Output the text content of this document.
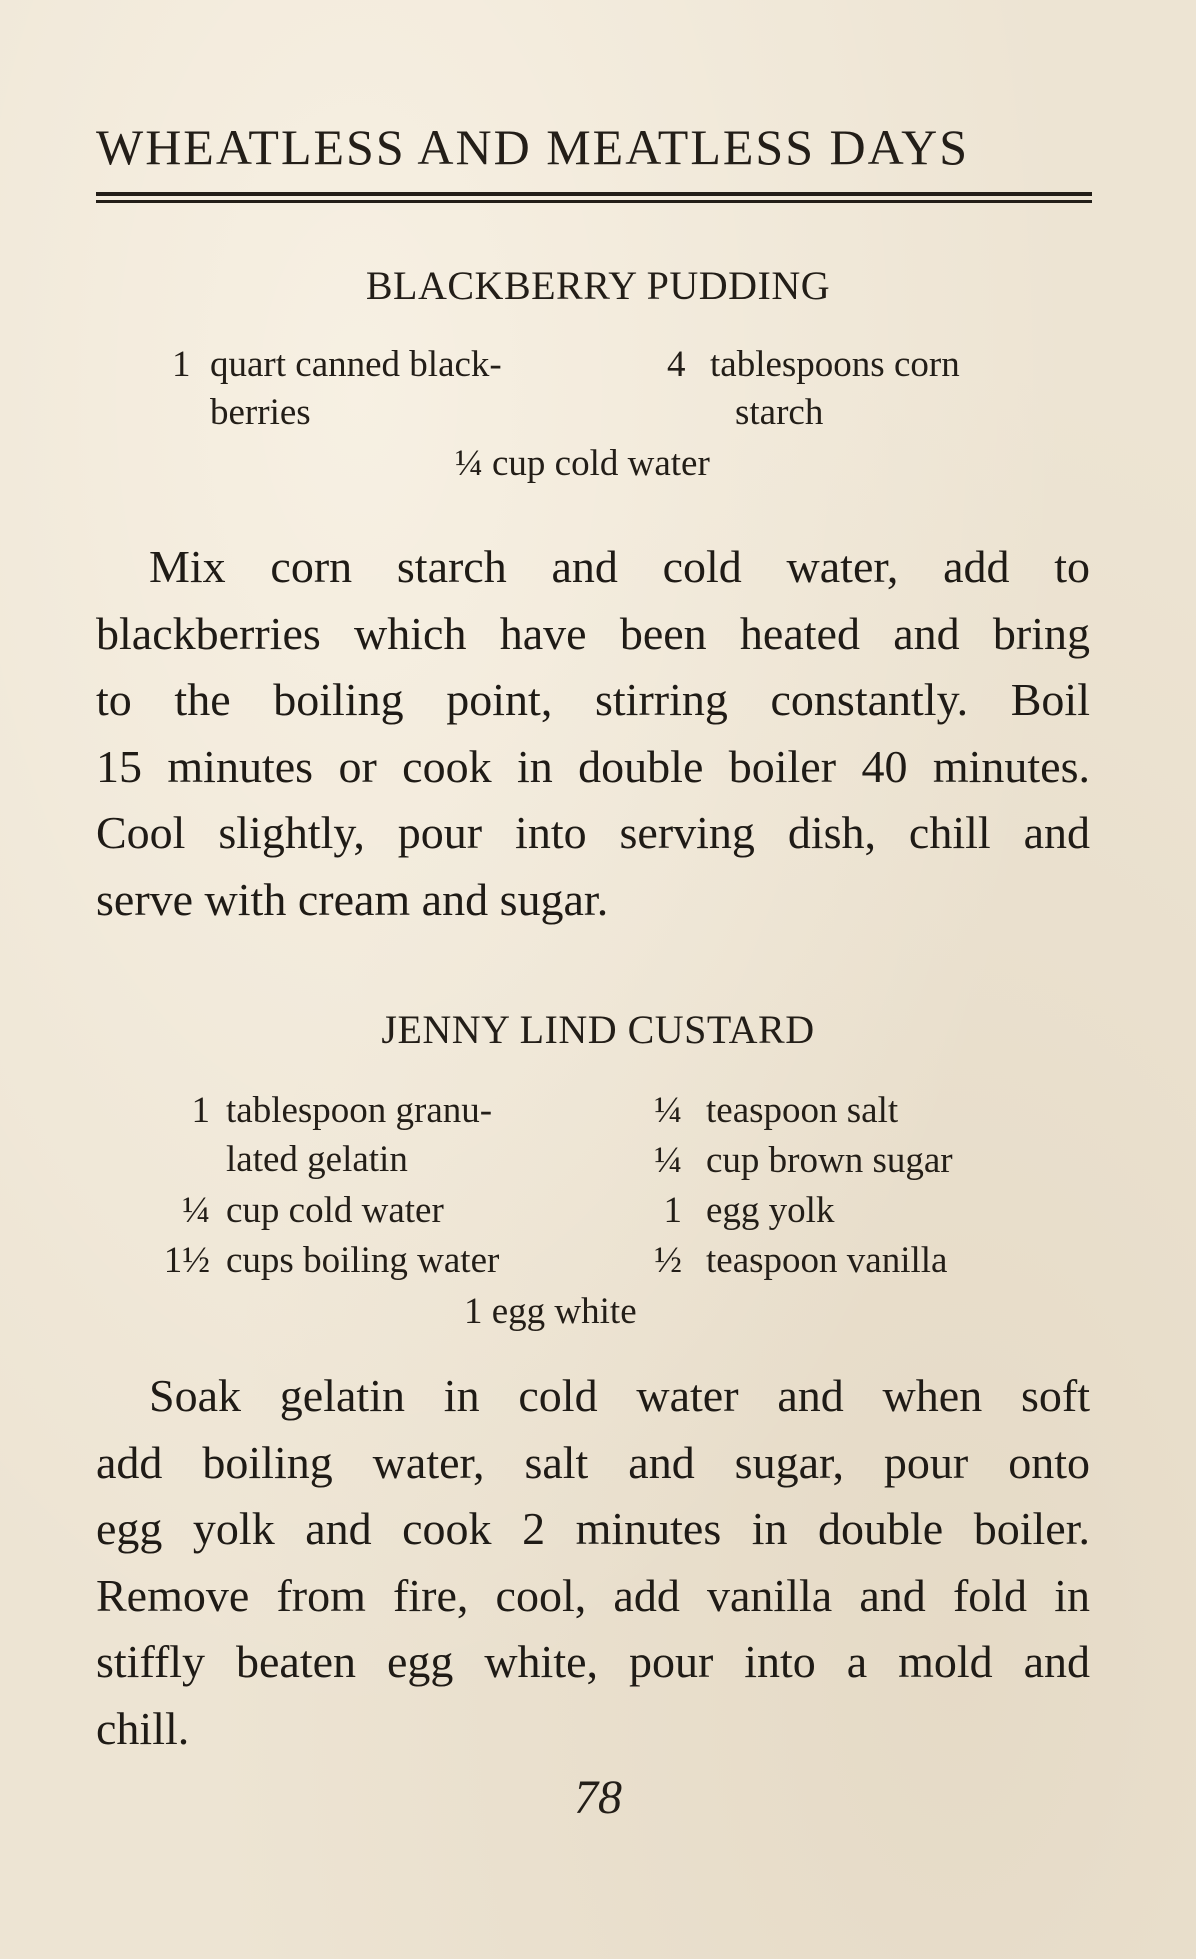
WHEATLESS AND MEATLESS DAYS
BLACKBERRY PUDDING
1 quart canned black-
berries
4 tablespoons corn
starch
¼ cup cold water
Mix corn starch and cold water, add to
blackberries which have been heated and bring
to the boiling point, stirring constantly. Boil
15 minutes or cook in double boiler 40 minutes.
Cool slightly, pour into serving dish, chill and
serve with cream and sugar.
JENNY LIND CUSTARD
1 tablespoon granu-
lated gelatin
¼ cup cold water
1½ cups boiling water
¼ teaspoon salt
¼ cup brown sugar
1 egg yolk
½ teaspoon vanilla
1 egg white
Soak gelatin in cold water and when soft
add boiling water, salt and sugar, pour onto
egg yolk and cook 2 minutes in double boiler.
Remove from fire, cool, add vanilla and fold in
stiffly beaten egg white, pour into a mold and
chill.
78
